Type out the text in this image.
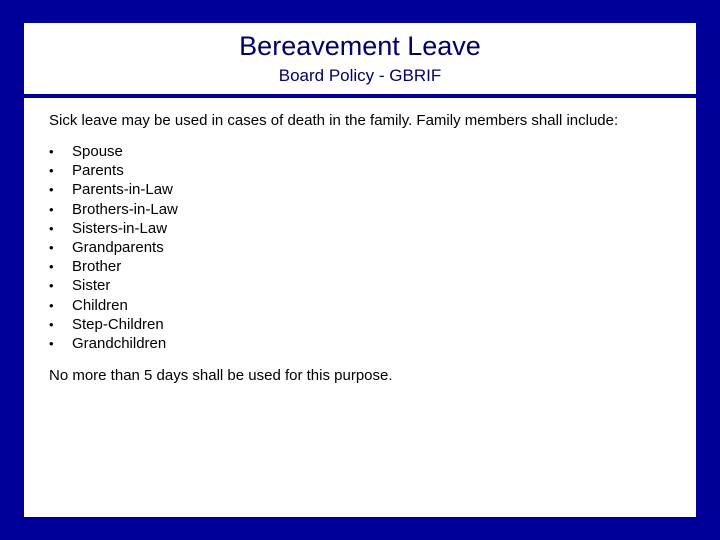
Bereavement Leave
Board Policy - GBRIF

Sick leave may be used in cases of death in the family. Family members shall include:

•	Spouse
•	Parents
•	Parents-in-Law
•	Brothers-in-Law
•	Sisters-in-Law
•	Grandparents
•	Brother
•	Sister
•	Children
•	Step-Children
•	Grandchildren

No more than 5 days shall be used for this purpose.
